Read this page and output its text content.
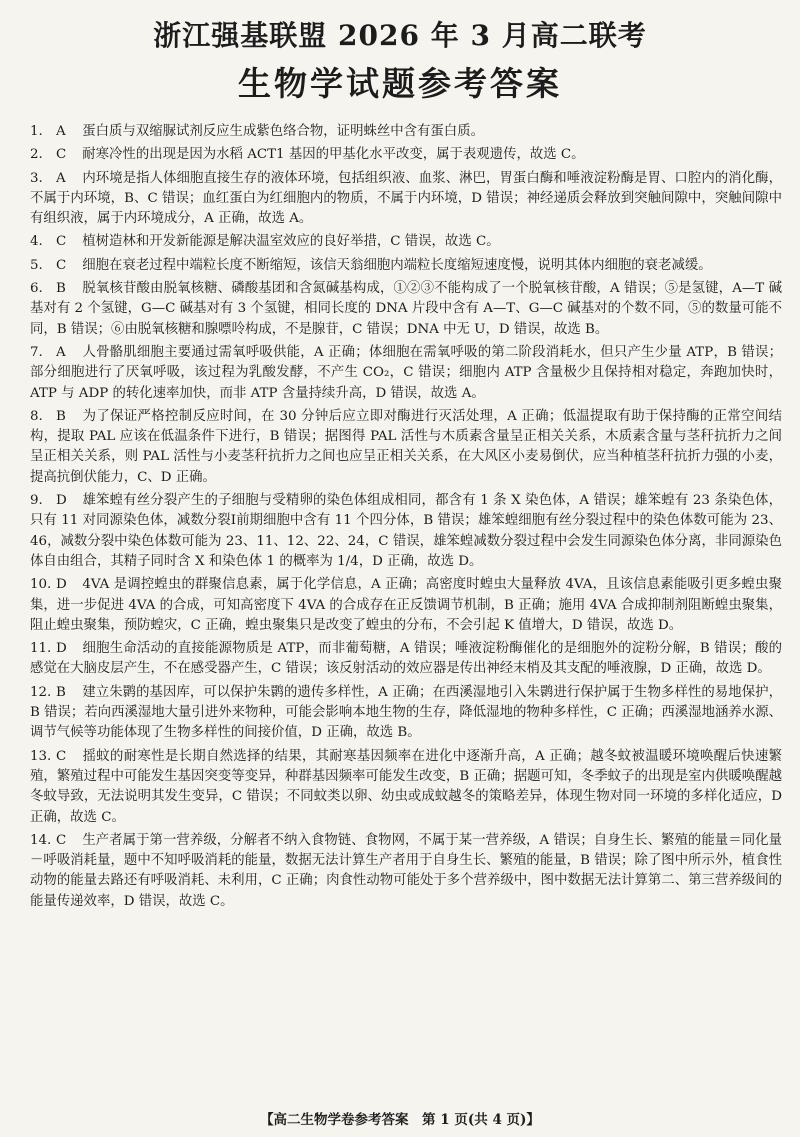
浙江强基联盟 2026 年 3 月高二联考
生物学试题参考答案
1. A 蛋白质与双缩脲试剂反应生成紫色络合物，证明蛛丝中含有蛋白质。
2. C 耐寒冷性的出现是因为水稻 ACT1 基因的甲基化水平改变，属于表观遗传，故选 C。
3. A 内环境是指人体细胞直接生存的液体环境，包括组织液、血浆、淋巴，胃蛋白酶和唾液淀粉酶是胃、口腔内的消化酶，不属于内环境，B、C 错误；血红蛋白为红细胞内的物质，不属于内环境，D 错误；神经递质会释放到突触间隙中，突触间隙中有组织液，属于内环境成分，A 正确，故选 A。
4. C 植树造林和开发新能源是解决温室效应的良好举措，C 错误，故选 C。
5. C 细胞在衰老过程中端粒长度不断缩短，该信天翁细胞内端粒长度缩短速度慢，说明其体内细胞的衰老减缓。
6. B 脱氧核苷酸由脱氧核糖、磷酸基团和含氮碱基构成，①②③不能构成了一个脱氧核苷酸，A 错误；⑤是氢键，A—T 碱基对有 2 个氢键，G—C 碱基对有 3 个氢键，相同长度的 DNA 片段中含有 A—T、G—C 碱基对的个数不同，⑤的数量可能不同，B 错误；⑥由脱氧核糖和腺嘌呤构成，不是腺苷，C 错误；DNA 中无 U，D 错误，故选 B。
7. A 人骨骼肌细胞主要通过需氧呼吸供能，A 正确；体细胞在需氧呼吸的第二阶段消耗水，但只产生少量 ATP，B 错误；部分细胞进行了厌氧呼吸，该过程为乳酸发酵，不产生 CO₂，C 错误；细胞内 ATP 含量极少且保持相对稳定，奔跑加快时，ATP 与 ADP 的转化速率加快，而非 ATP 含量持续升高，D 错误，故选 A。
8. B 为了保证严格控制反应时间，在 30 分钟后应立即对酶进行灭活处理，A 正确；低温提取有助于保持酶的正常空间结构，提取 PAL 应该在低温条件下进行，B 错误；据图得 PAL 活性与木质素含量呈正相关关系，木质素含量与茎秆抗折力之间呈正相关关系，则 PAL 活性与小麦茎秆抗折力之间也应呈正相关关系，在大风区小麦易倒伏，应当种植茎秆抗折力强的小麦，提高抗倒伏能力，C、D 正确。
9. D 雄笨蝗有丝分裂产生的子细胞与受精卵的染色体组成相同，都含有 1 条 X 染色体，A 错误；雄笨蝗有 23 条染色体，只有 11 对同源染色体，减数分裂Ⅰ前期细胞中含有 11 个四分体，B 错误；雄笨蝗细胞有丝分裂过程中的染色体数可能为 23、46，减数分裂中染色体数可能为 23、11、12、22、24，C 错误，雄笨蝗减数分裂过程中会发生同源染色体分离，非同源染色体自由组合，其精子同时含 X 和染色体 1 的概率为 1/4，D 正确，故选 D。
10. D 4VA 是调控蝗虫的群聚信息素，属于化学信息，A 正确；高密度时蝗虫大量释放 4VA，且该信息素能吸引更多蝗虫聚集，进一步促进 4VA 的合成，可知高密度下 4VA 的合成存在正反馈调节机制，B 正确；施用 4VA 合成抑制剂阻断蝗虫聚集，阻止蝗虫聚集，预防蝗灾，C 正确，蝗虫聚集只是改变了蝗虫的分布，不会引起 K 值增大，D 错误，故选 D。
11. D 细胞生命活动的直接能源物质是 ATP，而非葡萄糖，A 错误；唾液淀粉酶催化的是细胞外的淀粉分解，B 错误；酸的感觉在大脑皮层产生，不在感受器产生，C 错误；该反射活动的效应器是传出神经末梢及其支配的唾液腺，D 正确，故选 D。
12. B 建立朱鹮的基因库，可以保护朱鹮的遗传多样性，A 正确；在西溪湿地引入朱鹮进行保护属于生物多样性的易地保护，B 错误；若向西溪湿地大量引进外来物种，可能会影响本地生物的生存，降低湿地的物种多样性，C 正确；西溪湿地涵养水源、调节气候等功能体现了生物多样性的间接价值，D 正确，故选 B。
13. C 摇蚊的耐寒性是长期自然选择的结果，其耐寒基因频率在进化中逐渐升高，A 正确；越冬蚊被温暖环境唤醒后快速繁殖，繁殖过程中可能发生基因突变等变异，种群基因频率可能发生改变，B 正确；据题可知，冬季蚊子的出现是室内供暖唤醒越冬蚊导致，无法说明其发生变异，C 错误；不同蚊类以卵、幼虫或成蚊越冬的策略差异，体现生物对同一环境的多样化适应，D 正确，故选 C。
14. C 生产者属于第一营养级，分解者不纳入食物链、食物网，不属于某一营养级，A 错误；自身生长、繁殖的能量＝同化量－呼吸消耗量，题中不知呼吸消耗的能量，数据无法计算生产者用于自身生长、繁殖的能量，B 错误；除了图中所示外，植食性动物的能量去路还有呼吸消耗、未利用，C 正确；肉食性动物可能处于多个营养级中，图中数据无法计算第二、第三营养级间的能量传递效率，D 错误，故选 C。
【高二生物学卷参考答案　第 1 页(共 4 页)】
